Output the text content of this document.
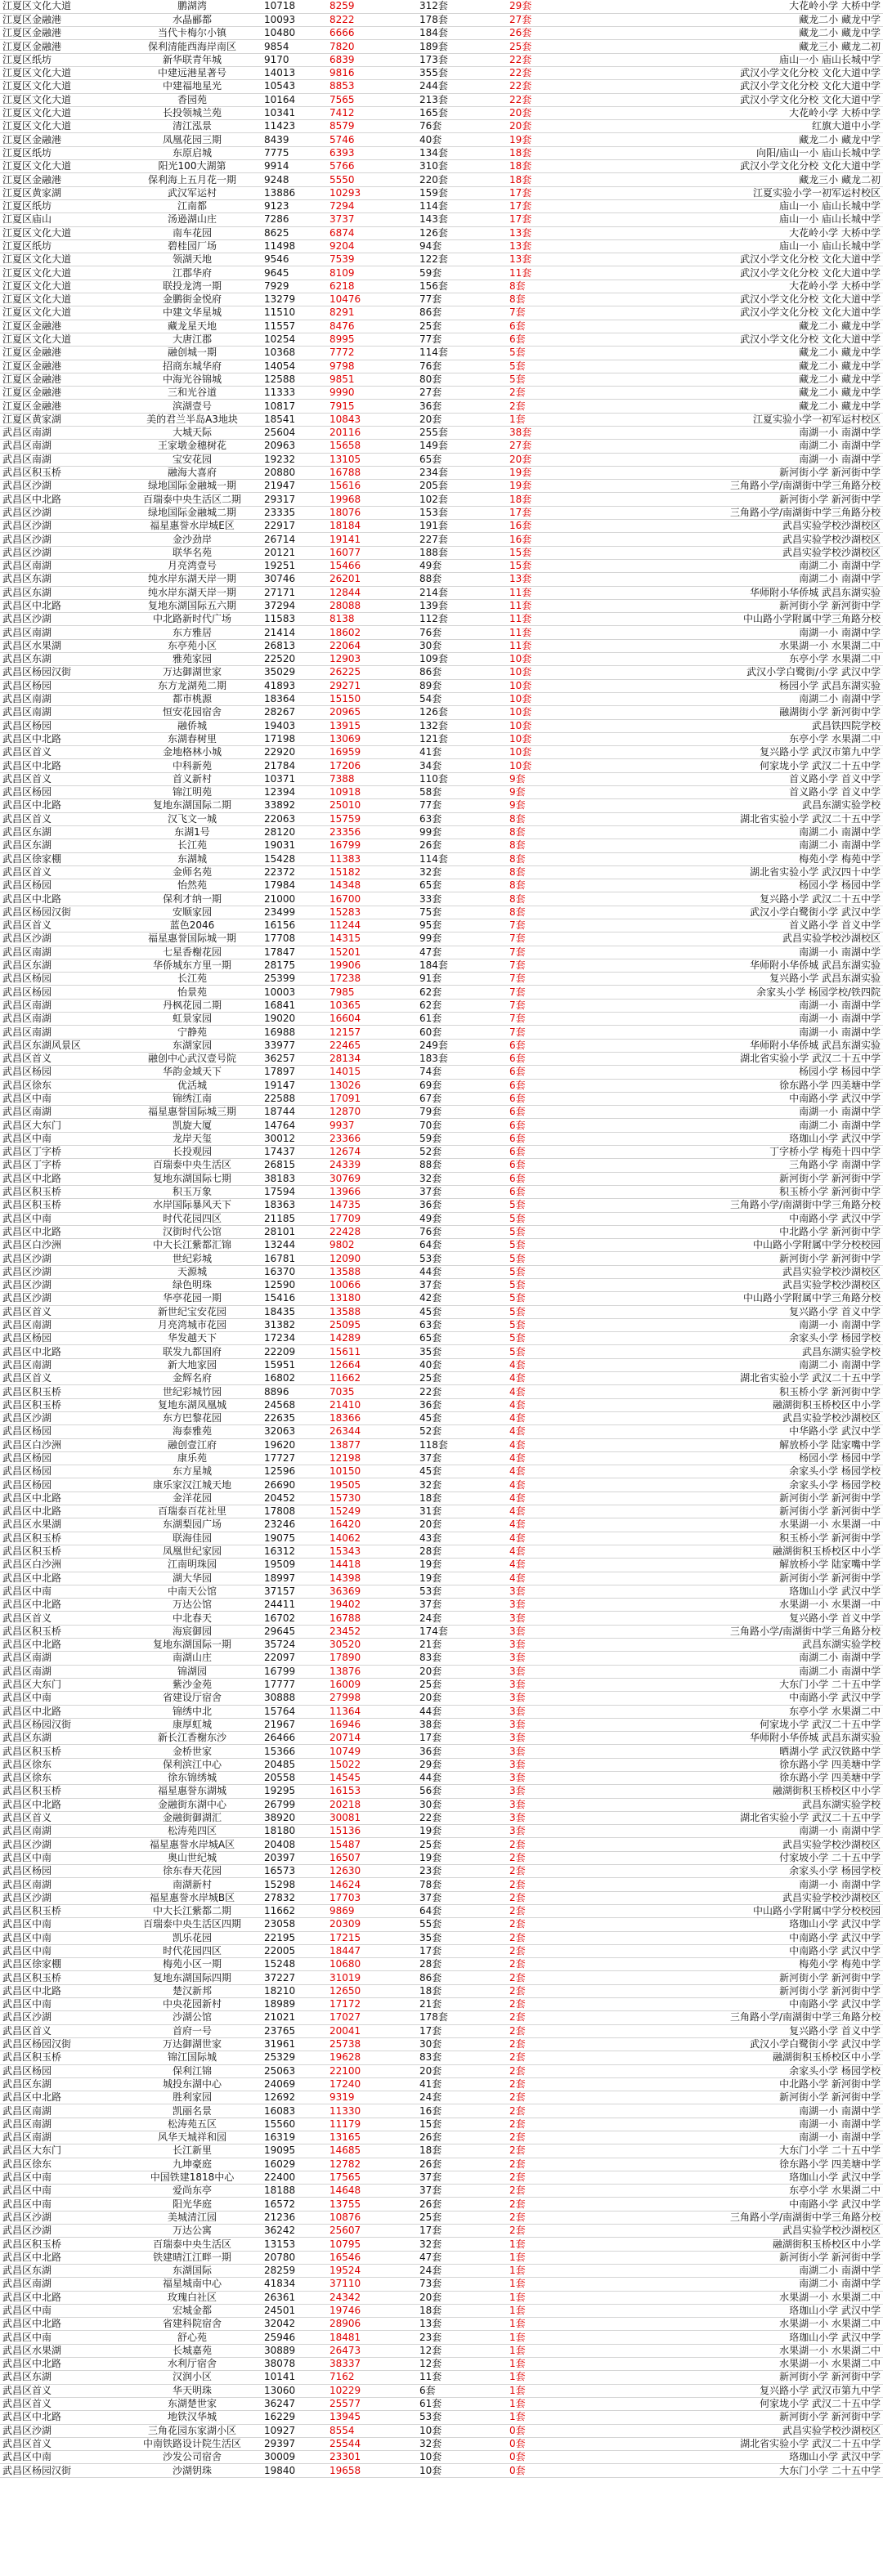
江夏区文化大道	鹏湖湾	10718	8259	312套	29套	大花岭小学 大桥中学
江夏区金融港	水晶郦都	10093	8222	178套	27套	藏龙二小 藏龙中学
江夏区金融港	当代卡梅尔小镇	10480	6666	184套	26套	藏龙二小 藏龙中学
江夏区金融港	保利清能西海岸南区	9854	7820	189套	25套	藏龙三小 藏龙二初
江夏区纸坊	新华联青年城	9170	6839	173套	22套	庙山一小 庙山长城中学
江夏区文化大道	中建远港星著号	14013	9816	355套	22套	武汉小学文化分校 文化大道中学
江夏区文化大道	中建福地星光	10543	8853	244套	22套	武汉小学文化分校 文化大道中学
江夏区文化大道	香园苑	10164	7565	213套	22套	武汉小学文化分校 文化大道中学
江夏区文化大道	长投领城兰苑	10341	7412	165套	20套	大花岭小学 大桥中学
江夏区文化大道	清江泓景	11423	8579	76套	20套	红旗大道中小学
江夏区金融港	凤凰花园三期	8439	5746	40套	19套	藏龙二小 藏龙中学
江夏区纸坊	东原启城	7775	6393	134套	18套	向阳/庙山一小 庙山长城中学
江夏区文化大道	阳光100大湖第	9914	5766	310套	18套	武汉小学文化分校 文化大道中学
江夏区金融港	保利海上五月花一期	9248	5550	220套	18套	藏龙三小 藏龙二初
江夏区黄家湖	武汉军运村	13886	10293	159套	17套	江夏实验小学一初军运村校区
江夏区纸坊	江南都	9123	7294	114套	17套	庙山一小 庙山长城中学
江夏区庙山	汤逊湖山庄	7286	3737	143套	17套	庙山一小 庙山长城中学
江夏区文化大道	南车花园	8625	6874	126套	13套	大花岭小学 大桥中学
江夏区纸坊	碧桂园厂场	11498	9204	94套	13套	庙山一小 庙山长城中学
江夏区文化大道	领湖天地	9546	7539	122套	13套	武汉小学文化分校 文化大道中学
江夏区文化大道	江郡华府	9645	8109	59套	11套	武汉小学文化分校 文化大道中学
江夏区文化大道	联投龙湾一期	7929	6218	156套	8套	大花岭小学 大桥中学
江夏区文化大道	金鹏街金悦府	13279	10476	77套	8套	武汉小学文化分校 文化大道中学
江夏区文化大道	中建文华星城	11510	8291	86套	7套	武汉小学文化分校 文化大道中学
江夏区金融港	藏龙星天地	11557	8476	25套	6套	藏龙二小 藏龙中学
江夏区文化大道	大唐江郡	10254	8995	77套	6套	武汉小学文化分校 文化大道中学
江夏区金融港	融创城一期	10368	7772	114套	5套	藏龙二小 藏龙中学
江夏区金融港	招商东城华府	14054	9798	76套	5套	藏龙二小 藏龙中学
江夏区金融港	中海光谷锦城	12588	9851	80套	5套	藏龙二小 藏龙中学
江夏区金融港	三和光谷道	11333	9990	27套	2套	藏龙二小 藏龙中学
江夏区金融港	滨湖壹号	10817	7915	36套	2套	藏龙二小 藏龙中学
江夏区黄家湖	美的君兰半岛A3地块	18541	10843	20套	1套	江夏实验小学一初军运村校区
武昌区南湖	大城天际	25604	20116	255套	38套	南湖一小 南湖中学
武昌区南湖	王家墩金穗树花	20963	15658	149套	27套	南湖二小 南湖中学
武昌区南湖	宝安花园	19232	13105	65套	20套	南湖一小 南湖中学
武昌区积玉桥	融海大喜府	20880	16788	234套	19套	新河街小学 新河街中学
武昌区沙湖	绿地国际金融城一期	21947	15616	205套	19套	三角路小学/南湖街中学三角路分校
武昌区中北路	百瑞泰中央生活区二期	29317	19968	102套	18套	新河街小学 新河街中学
武昌区沙湖	绿地国际金融城二期	23335	18076	153套	17套	三角路小学/南湖街中学三角路分校
武昌区沙湖	福星惠誉水岸城E区	22917	18184	191套	16套	武昌实验学校沙湖校区
武昌区沙湖	金沙劲岸	26714	19141	227套	16套	武昌实验学校沙湖校区
武昌区沙湖	联华名苑	20121	16077	188套	15套	武昌实验学校沙湖校区
武昌区南湖	月亮湾壹号	19251	15466	49套	15套	南湖二小 南湖中学
武昌区东湖	纯水岸东湖天岸一期	30746	26201	88套	13套	南湖二小 南湖中学
武昌区东湖	纯水岸东湖天岸一期	27171	12844	214套	11套	华师附小华侨城 武昌东湖实验
武昌区中北路	复地东湖国际五六期	37294	28088	139套	11套	新河街小学 新河街中学
武昌区沙湖	中北路新时代广场	11583	8138	112套	11套	中山路小学附属中学三角路分校
武昌区南湖	东方雅居	21414	18602	76套	11套	南湖一小 南湖中学
武昌区水果湖	东亭苑小区	26813	22064	30套	11套	水果湖一小 水果湖二中
武昌区东湖	雅苑家园	22520	12903	109套	10套	东亭小学 水果湖二中
武昌区杨园汉街	万达御湖世家	35029	26225	86套	10套	武汉小学白鹭街/小学 武汉中学
武昌区杨园	东方龙湖苑二期	41893	29271	89套	10套	杨园小学 武昌东湖实验
武昌区南湖	都市桃源	18364	15150	54套	10套	南湖二小 南湖中学
武昌区南湖	恒安花园宿舍	28267	20965	126套	10套	融湖街小学 新河街中学
武昌区杨园	融侨城	19403	13915	132套	10套	武昌铁四院学校
武昌区中北路	东湖春树里	17198	13069	121套	10套	东亭小学 水果湖二中
武昌区首义	金地格林小城	22920	16959	41套	10套	复兴路小学 武汉市第九中学
武昌区中北路	中科新苑	21784	17206	34套	10套	何家垅小学 武汉二十五中学
武昌区首义	首义新村	10371	7388	110套	9套	首义路小学 首义中学
武昌区杨园	锦江明苑	12394	10918	58套	9套	首义路小学 首义中学
武昌区中北路	复地东湖国际二期	33892	25010	77套	9套	武昌东湖实验学校
武昌区首义	汉飞文一城	22063	15759	63套	8套	湖北省实验小学 武汉二十五中学
武昌区东湖	东湖1号	28120	23356	99套	8套	南湖二小 南湖中学
武昌区东湖	长江苑	19031	16799	26套	8套	南湖二小 南湖中学
武昌区徐家棚	东湖城	15428	11383	114套	8套	梅苑小学 梅苑中学
武昌区首义	金师名苑	22372	15182	32套	8套	湖北省实验小学 武汉四十中学
武昌区杨园	怡然苑	17984	14348	65套	8套	杨园小学 杨园中学
武昌区中北路	保利才纳一期	21000	16700	33套	8套	复兴路小学 武汉二十五中学
武昌区杨园汉街	安顺家园	23499	15283	75套	8套	武汉小学白鹭街小学 武汉中学
武昌区首义	蓝色2046	16156	11244	95套	7套	首义路小学 首义中学
武昌区沙湖	福星惠誉国际城一期	17708	14315	99套	7套	武昌实验学校沙湖校区
武昌区南湖	七星香榭花园	17847	15201	47套	7套	南湖一小 南湖中学
武昌区东湖	华侨城东方里一期	28175	19906	184套	7套	华师附小华侨城 武昌东湖实验
武昌区杨园	长江苑	25399	17238	91套	7套	复兴路小学 武昌东湖实验
武昌区杨园	怡景苑	10003	7985	62套	7套	余家头小学 杨园学校/铁四院
武昌区南湖	丹枫花园二期	16841	10365	62套	7套	南湖一小 南湖中学
武昌区南湖	虹景家园	19020	16604	61套	7套	南湖一小 南湖中学
武昌区南湖	宁静苑	16988	12157	60套	7套	南湖一小 南湖中学
武昌区东湖风景区	东湖家园	33977	22465	249套	6套	华师附小华侨城 武昌东湖实验
武昌区首义	融创中心武汉壹号院	36257	28134	183套	6套	湖北省实验小学 武汉二十五中学
武昌区杨园	华韵金域天下	17897	14015	74套	6套	杨园小学 杨园中学
武昌区徐东	优活城	19147	13026	69套	6套	徐东路小学 四美塘中学
武昌区中南	锦绣江南	22588	17091	67套	6套	中南路小学 武汉中学
武昌区南湖	福星惠誉国际城三期	18744	12870	79套	6套	南湖一小 南湖中学
武昌区大东门	凯旋大厦	14764	9937	70套	6套	南湖二小 南湖中学
武昌区中南	龙岸天玺	30012	23366	59套	6套	珞珈山小学 武汉中学
武昌区丁字桥	长投观园	17437	12674	52套	6套	丁字桥小学 梅苑十四中学
武昌区丁字桥	百瑞泰中央生活区	26815	24339	88套	6套	三角路小学 南湖中学
武昌区中北路	复地东湖国际七期	38183	30769	32套	6套	新河街小学 新河街中学
武昌区积玉桥	积玉万象	17594	13966	37套	6套	积玉桥小学 新河街中学
武昌区积玉桥	水岸国际暴风天下	18363	14735	36套	5套	三角路小学/南湖街中学三角路分校
武昌区中南	时代花园四区	21185	17709	49套	5套	中南路小学 武汉中学
武昌区中北路	汉街时代公馆	28101	22428	76套	5套	中北路小学 新河街中学
武昌区白沙洲	中大长江紫都汇锦	13244	9802	64套	5套	中山路小学附属中学分校校园
武昌区沙湖	世纪彩城	16781	12090	53套	5套	新河街小学 新河街中学
武昌区沙湖	天源城	16370	13588	44套	5套	武昌实验学校沙湖校区
武昌区沙湖	绿色明珠	12590	10066	37套	5套	武昌实验学校沙湖校区
武昌区沙湖	华亭花园一期	15416	13180	42套	5套	中山路小学附属中学三角路分校
武昌区首义	新世纪宝安花园	18435	13588	45套	5套	复兴路小学 首义中学
武昌区南湖	月亮湾城市花园	31382	25095	63套	5套	南湖一小 南湖中学
武昌区杨园	华发越天下	17234	14289	65套	5套	余家头小学 杨园学校
武昌区中北路	联发九都国府	22209	15611	35套	5套	武昌东湖实验学校
武昌区南湖	新大地家园	15951	12664	40套	4套	南湖二小 南湖中学
武昌区首义	金辉名府	16802	11662	25套	4套	湖北省实验小学 武汉二十五中学
武昌区积玉桥	世纪彩城竹园	8896	7035	22套	4套	积玉桥小学 新河街中学
武昌区积玉桥	复地东湖凤凰城	24568	21410	36套	4套	融湖街积玉桥校区中小学
武昌区沙湖	东方巴黎花园	22635	18366	45套	4套	武昌实验学校沙湖校区
武昌区杨园	海泰雅苑	32063	26344	52套	4套	中华路小学 武汉中学
武昌区白沙洲	融创壹江府	19620	13877	118套	4套	解放桥小学 陆家嘴中学
武昌区杨园	康乐苑	17727	12198	37套	4套	杨园小学 杨园中学
武昌区杨园	东方星城	12596	10150	45套	4套	余家头小学 杨园学校
武昌区杨园	康乐家汉江城天地	26690	19505	32套	4套	余家头小学 杨园学校
武昌区中北路	金洋花园	20452	15730	18套	4套	新河街小学 新河街中学
武昌区中北路	百瑞泰百花社里	17808	15249	31套	4套	新河街小学 新河街中学
武昌区水果湖	东湖梨园广场	23246	16420	20套	4套	水果湖一小 水果湖一中
武昌区积玉桥	联海佳园	19075	14062	43套	4套	积玉桥小学 新河街中学
武昌区积玉桥	凤凰世纪家园	16312	15343	28套	4套	融湖街积玉桥校区中小学
武昌区白沙洲	江南明珠园	19509	14418	19套	4套	解放桥小学 陆家嘴中学
武昌区中北路	湖大华园	18997	14398	19套	4套	新河街小学 新河街中学
武昌区中南	中南天公馆	37157	36369	53套	3套	珞珈山小学 武汉中学
武昌区中北路	万达公馆	24411	19402	37套	3套	水果湖一小 水果湖一中
武昌区首义	中北春天	16702	16788	24套	3套	复兴路小学 首义中学
武昌区积玉桥	海宸御园	29645	23452	174套	3套	三角路小学/南湖街中学三角路分校
武昌区中北路	复地东湖国际一期	35724	30520	21套	3套	武昌东湖实验学校
武昌区南湖	南湖山庄	22097	17890	83套	3套	南湖二小 南湖中学
武昌区南湖	锦湖园	16799	13876	20套	3套	南湖二小 南湖中学
武昌区大东门	紫沙金苑	17777	16009	25套	3套	大东门小学 二十五中学
武昌区中南	省建设厅宿舍	30888	27998	20套	3套	中南路小学 武汉中学
武昌区中北路	锦绣中北	15764	11364	44套	3套	东亭小学 水果湖二中
武昌区杨园汉街	康厚虹城	21967	16946	38套	3套	何家垅小学 武汉二十五中学
武昌区东湖	新长江香榭东沙	26466	20714	17套	3套	华师附小华侨城 武昌东湖实验
武昌区积玉桥	金桥世家	15366	10749	36套	3套	晒湖小学 武汉铁路中学
武昌区徐东	保利滨江中心	20485	15022	29套	3套	徐东路小学 四美塘中学
武昌区徐东	徐东锦绣城	20558	14545	44套	3套	徐东路小学 四美塘中学
武昌区积玉桥	福星惠誉东湖城	19295	16153	56套	3套	融湖街积玉桥校区中小学
武昌区中北路	金融街东湖中心	26799	20218	30套	3套	武昌东湖实验学校
武昌区首义	金融街御湖汇	38920	30081	22套	3套	湖北省实验小学 武汉二十五中学
武昌区南湖	松涛苑四区	18180	15136	19套	3套	南湖一小 南湖中学
武昌区沙湖	福星惠誉水岸城A区	20408	15487	25套	2套	武昌实验学校沙湖校区
武昌区中南	奥山世纪城	20397	16507	19套	2套	付家坡小学 二十五中学
武昌区杨园	徐东春天花园	16573	12630	23套	2套	余家头小学 杨园学校
武昌区南湖	南湖新村	15298	14624	78套	2套	南湖一小 南湖中学
武昌区沙湖	福星惠誉水岸城B区	27832	17703	37套	2套	武昌实验学校沙湖校区
武昌区积玉桥	中大长江紫都二期	11662	9869	64套	2套	中山路小学附属中学分校校园
武昌区中南	百瑞泰中央生活区四期	23058	20309	55套	2套	珞珈山小学 武汉中学
武昌区中南	凯乐花园	22195	17215	35套	2套	中南路小学 武汉中学
武昌区中南	时代花园四区	22005	18447	17套	2套	中南路小学 武汉中学
武昌区徐家棚	梅苑小区一期	15248	10680	28套	2套	梅苑小学 梅苑中学
武昌区积玉桥	复地东湖国际四期	37227	31019	86套	2套	新河街小学 新河街中学
武昌区中北路	楚汉新邦	18210	12650	18套	2套	新河街小学 新河街中学
武昌区中南	中央花园新村	18989	17172	21套	2套	中南路小学 武汉中学
武昌区沙湖	沙湖公馆	21021	17027	178套	2套	三角路小学/南湖街中学三角路分校
武昌区首义	首府一号	23765	20041	17套	2套	复兴路小学 首义中学
武昌区杨园汉街	万达御湖世家	31961	25738	30套	2套	武汉小学白鹭街小学 武汉中学
武昌区积玉桥	锦江国际城	25329	19628	83套	2套	融湖街积玉桥校区中小学
武昌区杨园	保利江锦	25063	22100	20套	2套	余家头小学 杨园学校
武昌区东湖	城投东湖中心	24069	17240	41套	2套	中北路小学 新河街中学
武昌区中北路	胜利家园	12692	9319	24套	2套	新河街小学 新河街中学
武昌区南湖	凯丽名景	16083	11330	16套	2套	南湖一小 南湖中学
武昌区南湖	松涛苑五区	15560	11179	15套	2套	南湖一小 南湖中学
武昌区南湖	风华天城祥和园	16319	13165	26套	2套	南湖一小 南湖中学
武昌区大东门	长江新里	19095	14685	18套	2套	大东门小学 二十五中学
武昌区徐东	九坤豪庭	16029	12782	26套	2套	徐东路小学 四美塘中学
武昌区中南	中国铁建1818中心	22400	17565	37套	2套	珞珈山小学 武汉中学
武昌区中南	爱尚东亭	18188	14648	37套	2套	东亭小学 水果湖二中
武昌区中南	阳光华庭	16572	13755	26套	2套	中南路小学 武汉中学
武昌区沙湖	美城清江园	21236	10876	25套	2套	三角路小学/南湖街中学三角路分校
武昌区沙湖	万达公寓	36242	25607	17套	2套	武昌实验学校沙湖校区
武昌区积玉桥	百瑞泰中央生活区	13153	10795	32套	1套	融湖街积玉桥校区中小学
武昌区中北路	铁建晴江江畔一期	20780	16546	47套	1套	新河街小学 新河街中学
武昌区东湖	东湖国际	28259	19524	24套	1套	南湖二小 南湖中学
武昌区南湖	福星城南中心	41834	37110	73套	1套	南湖二小 南湖中学
武昌区中北路	玫瑰白社区	26361	24342	20套	1套	水果湖一小 水果湖二中
武昌区中南	宏城金都	24501	19746	18套	1套	珞珈山小学 武汉中学
武昌区中北路	省建科院宿舍	32042	28906	13套	1套	水果湖一小 水果湖二中
武昌区中南	舒心苑	25946	18481	23套	1套	珞珈山小学 武汉中学
武昌区水果湖	长城嘉苑	30889	26473	12套	1套	水果湖一小 水果湖二中
武昌区中北路	水利厅宿舍	38078	38337	12套	1套	水果湖一小 水果湖二中
武昌区东湖	汉润小区	10141	7162	11套	1套	新河街小学 新河街中学
武昌区首义	华天明珠	13060	10229	6套	1套	复兴路小学 武汉市第九中学
武昌区首义	东湖楚世家	36247	25577	61套	1套	何家垅小学 武汉二十五中学
武昌区中北路	地铁汉华城	16229	13945	53套	1套	新河街小学 新河街中学
武昌区沙湖	三角花园东家湖小区	10927	8554	10套	0套	武昌实验学校沙湖校区
武昌区首义	中南铁路设计院生活区	29397	25544	32套	0套	湖北省实验小学 武汉二十五中学
武昌区中南	沙发公司宿舍	30009	23301	10套	0套	珞珈山小学 武汉中学
武昌区杨园汉街	沙湖钥珠	19840	19658	10套	0套	大东门小学 二十五中学
